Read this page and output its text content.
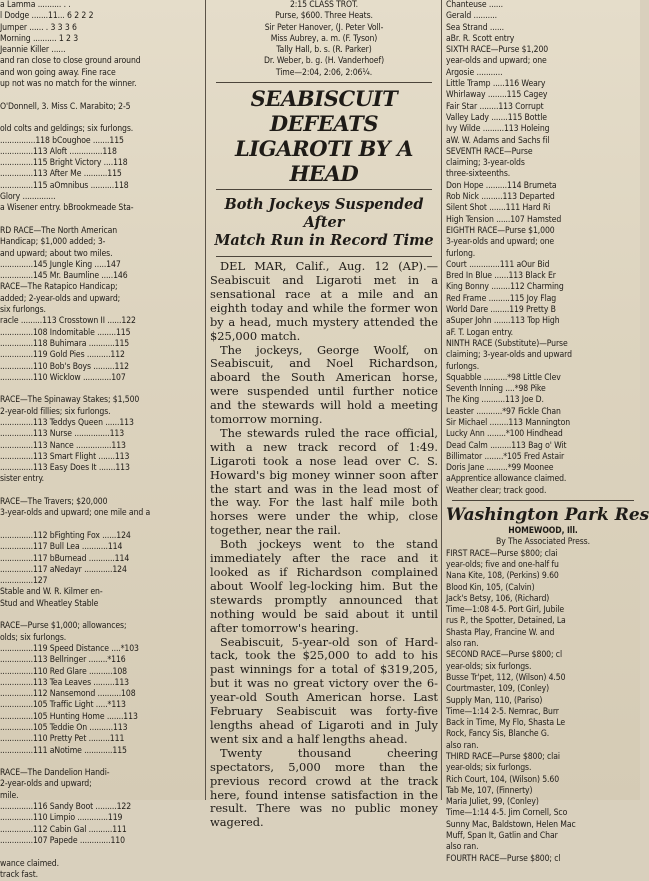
a Lamma .......... . .
l Dodge .......11... 6 2 2 2
Jumper ...... . 3 3 3 6
Morning .......... 1 2 3
Jeannie Killer ......
and ran close to close ground around
and won going away. Fine race
up not was no match for the winner.
O'Donnell, 3. Miss C. Marabito; 2-5
old colts and geldings; six furlongs.
...............118 bCoughoe .......115
..............113 Aloft ..............118
..............115 Bright Victory ....118
..............113 After Me ..........115
..............115 aOmnibus ..........118
Glory ..............
a Wisener entry. bBrookmeade Sta-
RD RACE—The North American
Handicap; $1,000 added; 3-
and upward; about two miles.
..............145 Jungle King .....147
..............145 Mr. Baumline .....146
RACE—The Ratapico Handicap;
added; 2-year-olds and upward;
six furlongs.
racle .........113 Crosstown II ......122
..............108 Indomitable ........115
..............118 Buhimara ...........115
..............119 Gold Pies ..........112
..............110 Bob's Boys .........112
..............110 Wicklow ............107
RACE—The Spinaway Stakes; $1,500
2-year-old fillies; six furlongs.
..............113 Teddys Queen ......113
..............113 Nurse ...............113
..............113 Nance ...............113
..............113 Smart Flight .......113
..............113 Easy Does It .......113
sister entry.
RACE—The Travers; $20,000
3-year-olds and upward; one mile and a
..............112 bFighting Fox ......124
..............117 Bull Lea ...........114
..............117 bBurnead ...........114
..............117 aNedayr ............124
..............127
Stable and W. R. Kilmer en-
Stud and Wheatley Stable
RACE—Purse $1,000; allowances;
olds; six furlongs.
..............119 Speed Distance ....*103
..............113 Bellringer ........*116
..............110 Red Glare ..........108
..............113 Tea Leaves .........113
..............112 Nansemond ..........108
..............105 Traffic Light .....*113
..............105 Hunting Home .......113
..............105 Teddie On ..........113
..............110 Pretty Pet .........111
..............111 aNotime ............115
RACE—The Dandelion Handi-
2-year-olds and upward;
mile.
..............116 Sandy Boot .........122
..............110 Limpio .............119
..............112 Cabin Gal ..........111
..............107 Papede .............110
wance claimed.
track fast.
2:15 CLASS TROT.
Purse, $600. Three Heats.
Sir Peter Hanover, (J. Peter Voll-
Miss Aubrey, a. m. (F. Tyson)
Tally Hall, b. s. (R. Parker)
Dr. Weber, b. g. (H. Vanderhoef)
Time—2:04, 2:06, 2:06¼.
SEABISCUIT DEFEATS
LIGAROTI BY A HEAD
Both Jockeys Suspended After
Match Run in Record Time

DEL MAR, Calif., Aug. 12 (AP).—Seabiscuit and Ligaroti met in a sensational race at a mile and an eighth today and while the former won by a head, much mystery attended the $25,000 match.

The jockeys, George Woolf, on Seabiscuit, and Noel Richardson, aboard the South American horse, were suspended until further notice and the stewards will hold a meeting tomorrow morning.

The stewards ruled the race official, with a new track record of 1:49. Ligaroti took a nose lead over C. S. Howard's big money winner soon after the start and was in the lead most of the way. For the last half mile both horses were under the whip, close together, near the rail.

Both jockeys went to the stand immediately after the race and it looked as if Richardson complained about Woolf leg-locking him. But the stewards promptly announced that nothing would be said about it until after tomorrow's hearing.

Seabiscuit, 5-year-old son of Hard-tack, took the $25,000 to add to his past winnings for a total of $319,205, but it was no great victory over the 6-year-old South American horse. Last February Seabiscuit was forty-five lengths ahead of Ligaroti and in July went six and a half lengths ahead.

Twenty thousand cheering spectators, 5,000 more than the previous record crowd at the track here, found intense satisfaction in the result. There was no public money wagered.

Chanteuse ......
Gerald ..........
Sea Strand ......
aBr. R. Scott entry
SIXTH RACE—Purse $1,200
year-olds and upward; one
Argosie ...........
Little Tramp .....116 Weary
Whirlaway ........115 Cagey
Fair Star ........113 Corrupt
Valley Lady .......115 Bottle
Ivy Wilde .........113 Holeing
aW. W. Adams and Sachs fil
SEVENTH RACE—Purse
claiming; 3-year-olds
three-sixteenths.
Don Hope .........114 Brumeta
Rob Nick .........113 Departed
Silent Shot .......111 Hard Ri
High Tension ......107 Hamsted
EIGHTH RACE—Purse $1,000
3-year-olds and upward; one
furlong.
Court .............111 aOur Bid
Bred In Blue ......113 Black Er
King Bonny ........112 Charming
Red Frame .........115 Joy Flag
World Dare ........119 Pretty B
aSuper John .......113 Top High
aF. T. Logan entry.
NINTH RACE (Substitute)—Purse
claiming; 3-year-olds and upward
furlongs.
Squabble ..........*98 Little Clev
Seventh Inning ....*98 Pike
The King ..........113 Joe D.
Leaster ...........*97 Fickle Chan
Sir Michael ........113 Mannington
Lucky Ann ........*100 Hindhead
Dead Calm .........113 Bag o' Wit
Billimator ........*105 Fred Astair
Doris Jane .........*99 Moonee
aApprentice allowance claimed.
Weather clear; track good.
Washington Park Res
HOMEWOOD, Ill.
By The Associated Press.
FIRST RACE—Purse $800; clai
year-olds; five and one-half fu
Nana Kite, 108, (Perkins) 9.60
Blood Kin, 105, (Calvin)
Jack's Betsy, 106, (Richard)
Time—1:08 4-5. Port Girl, Jubile
rus P., the Spotter, Detained, La
Shasta Play, Francine W. and
also ran.
SECOND RACE—Purse $800; cl
year-olds; six furlongs.
Busse Tr'pet, 112, (Wilson) 4.50
Courtmaster, 109, (Conley)
Supply Man, 110, (Pariso)
Time—1:14 2-5. Nemrac, Burr
Back in Time, My Flo, Shasta Le
Rock, Fancy Sis, Blanche G.
also ran.
THIRD RACE—Purse $800; clai
year-olds; six furlongs.
Rich Court, 104, (Wilson) 5.60
Tab Me, 107, (Finnerty)
Maria Juliet, 99, (Conley)
Time—1:14 4-5. Jim Cornell, Sco
Sunny Mac, Baldstown, Helen Mac
Muff, Span It, Gatlin and Char
also ran.
FOURTH RACE—Purse $800; cl
